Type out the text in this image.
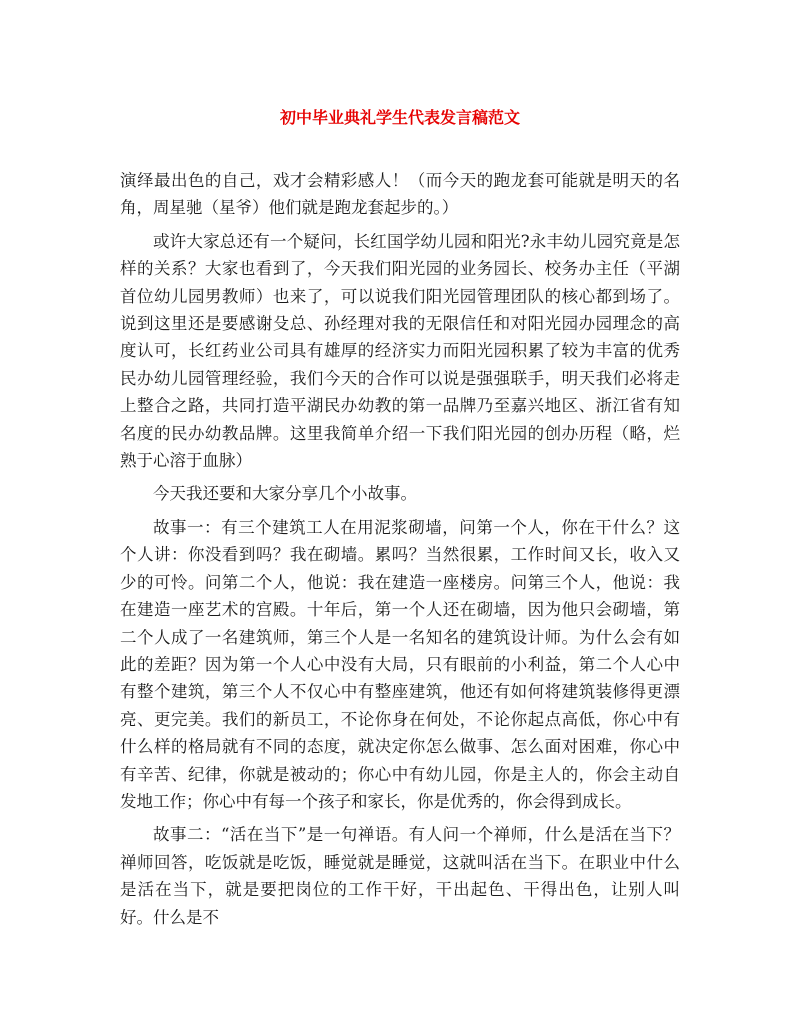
初中毕业典礼学生代表发言稿范文

演绎最出色的自己，戏才会精彩感人！（而今天的跑龙套可能就是明天的名角，周星驰（星爷）他们就是跑龙套起步的。）

或许大家总还有一个疑问，长红国学幼儿园和阳光?永丰幼儿园究竟是怎样的关系？大家也看到了，今天我们阳光园的业务园长、校务办主任（平湖首位幼儿园男教师）也来了，可以说我们阳光园管理团队的核心都到场了。说到这里还是要感谢殳总、孙经理对我的无限信任和对阳光园办园理念的高度认可，长红药业公司具有雄厚的经济实力而阳光园积累了较为丰富的优秀民办幼儿园管理经验，我们今天的合作可以说是强强联手，明天我们必将走上整合之路，共同打造平湖民办幼教的第一品牌乃至嘉兴地区、浙江省有知名度的民办幼教品牌。这里我简单介绍一下我们阳光园的创办历程（略，烂熟于心溶于血脉）

今天我还要和大家分享几个小故事。

故事一：有三个建筑工人在用泥浆砌墙，问第一个人，你在干什么？这个人讲：你没看到吗？我在砌墙。累吗？当然很累，工作时间又长，收入又少的可怜。问第二个人，他说：我在建造一座楼房。问第三个人，他说：我在建造一座艺术的宫殿。十年后，第一个人还在砌墙，因为他只会砌墙，第二个人成了一名建筑师，第三个人是一名知名的建筑设计师。为什么会有如此的差距？因为第一个人心中没有大局，只有眼前的小利益，第二个人心中有整个建筑，第三个人不仅心中有整座建筑，他还有如何将建筑装修得更漂亮、更完美。我们的新员工，不论你身在何处，不论你起点高低，你心中有什么样的格局就有不同的态度，就决定你怎么做事、怎么面对困难，你心中有辛苦、纪律，你就是被动的；你心中有幼儿园，你是主人的，你会主动自发地工作；你心中有每一个孩子和家长，你是优秀的，你会得到成长。

故事二：“活在当下”是一句禅语。有人问一个禅师，什么是活在当下？禅师回答，吃饭就是吃饭，睡觉就是睡觉，这就叫活在当下。在职业中什么是活在当下，就是要把岗位的工作干好，干出起色、干得出色，让别人叫好。什么是不
